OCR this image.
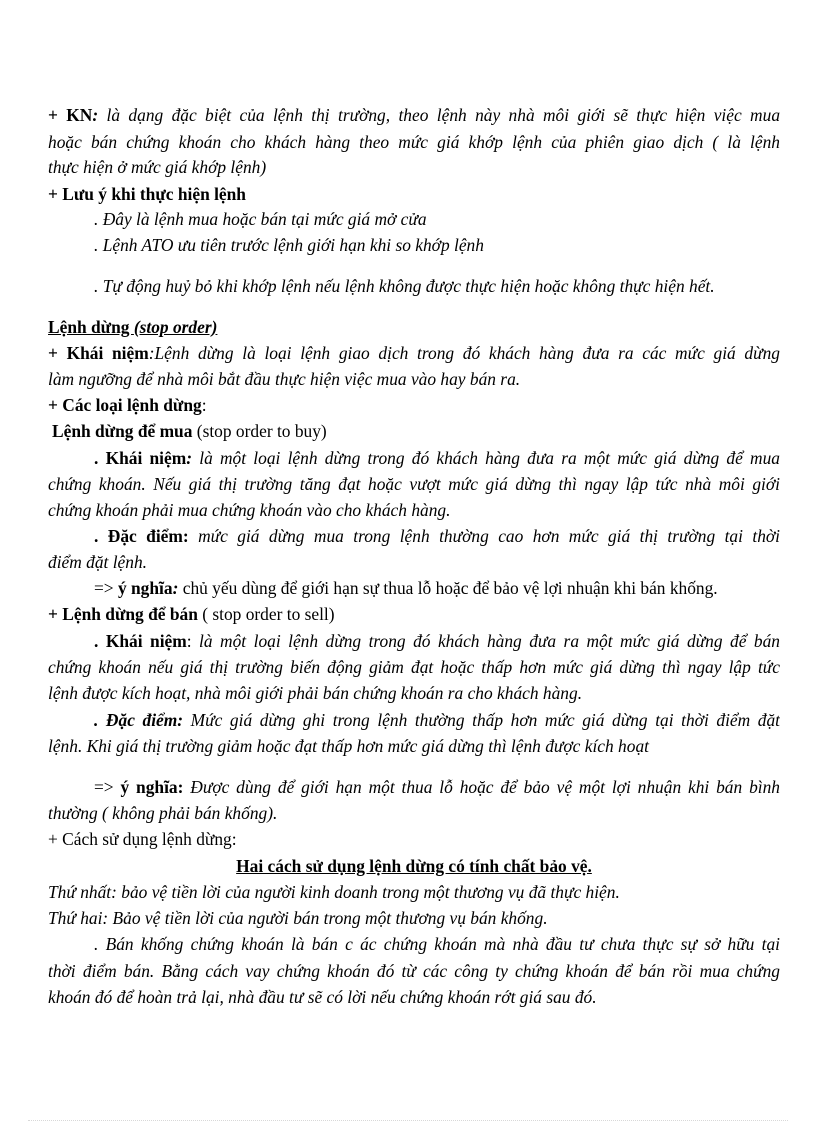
+ KN: là dạng đặc biệt của lệnh thị trường, theo lệnh này nhà môi giới sẽ thực hiện việc mua
hoặc bán chứng khoán cho khách hàng theo mức giá khớp lệnh của phiên giao dịch ( là lệnh
thực hiện ở mức giá khớp lệnh)
+ Lưu ý khi thực hiện lệnh
. Đây là lệnh mua hoặc bán tại mức giá mở cửa
. Lệnh ATO ưu tiên trước lệnh giới hạn khi so khớp lệnh
. Tự động huỷ bỏ khi khớp lệnh nếu lệnh không được thực hiện hoặc không thực hiện hết.
Lệnh dừng (stop order)
+ Khái niệm:Lệnh dừng là loại lệnh giao dịch trong đó khách hàng đưa ra các mức giá dừng
làm ngưỡng để nhà môi bắt đầu thực hiện việc mua vào hay bán ra.
+ Các loại lệnh dừng:
Lệnh dừng để mua (stop order to buy)
. Khái niệm: là một loại lệnh dừng trong đó khách hàng đưa ra một mức giá dừng để mua
chứng khoán. Nếu giá thị trường tăng đạt hoặc vượt mức giá dừng thì ngay lập tức nhà môi giới
chứng khoán phải mua chứng khoán vào cho khách hàng.
. Đặc điểm: mức giá dừng mua trong lệnh thường cao hơn mức giá thị trường tại thời
điểm đặt lệnh.
=> ý nghĩa: chủ yếu dùng để giới hạn sự thua lỗ hoặc để bảo vệ lợi nhuận khi bán khống.
+ Lệnh dừng để bán ( stop order to sell)
. Khái niệm: là một loại lệnh dừng trong đó khách hàng đưa ra một mức giá dừng để bán
chứng khoán nếu giá thị trường biến động giảm đạt hoặc thấp hơn mức giá dừng thì ngay lập tức
lệnh được kích hoạt, nhà môi giới phải bán chứng khoán ra cho khách hàng.
. Đặc điểm: Mức giá dừng ghi trong lệnh thường thấp hơn mức giá dừng tại thời điểm đặt
lệnh. Khi giá thị trường giảm hoặc đạt thấp hơn mức giá dừng thì lệnh được kích hoạt
=> ý nghĩa: Được dùng để giới hạn một thua lỗ hoặc để bảo vệ một lợi nhuận khi bán bình
thường ( không phải bán khống).
+ Cách sử dụng lệnh dừng:
Hai cách sử dụng lệnh dừng có tính chất bảo vệ.
Thứ nhất: bảo vệ tiền lời của người kinh doanh trong một thương vụ đã thực hiện.
Thứ hai: Bảo vệ tiền lời của người bán trong một thương vụ bán khống.
. Bán khống chứng khoán là bán c ác chứng khoán mà nhà đầu tư chưa thực sự sở hữu tại
thời điểm bán. Bằng cách vay chứng khoán đó từ các công ty chứng khoán để bán rồi mua chứng
khoán đó để hoàn trả lại, nhà đầu tư sẽ có lời nếu chứng khoán rớt giá sau đó.
